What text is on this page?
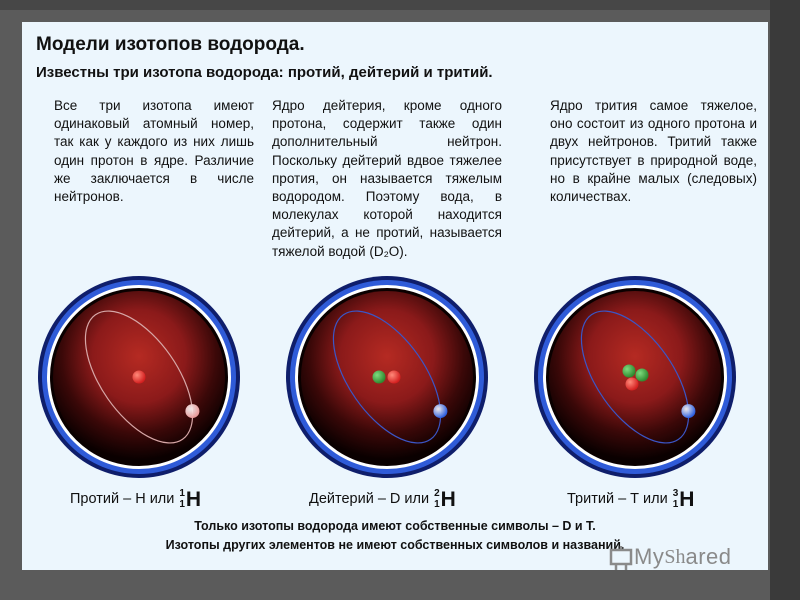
Модели изотопов водорода.
Известны три изотопа водорода: протий, дейтерий и тритий.
Все три изотопа имеют одинаковый атомный номер, так как у каждого из них лишь один протон в ядре. Различие же заключается в числе нейтронов.
Ядро дейтерия, кроме одного протона, содержит также один дополнительный нейтрон. Поскольку дейтерий вдвое тяжелее протия, он называется тяжелым водородом. Поэтому вода, в молекулах которой находится дейтерий, а не протий, называется тяжелой водой (D₂O).
Ядро трития самое тяжелое, оно состоит из одного протона и двух нейтронов. Тритий также присутствует в природной воде, но в крайне малых (следовых) количествах.
Протий – Н или 1
1 Н	Дейтерий – D или 2
1 Н	Тритий – Т или 3
1 Н
Только изотопы водорода имеют собственные символы – D и T.
Изотопы других элементов не имеют собственных символов и названий. My Sh ared
